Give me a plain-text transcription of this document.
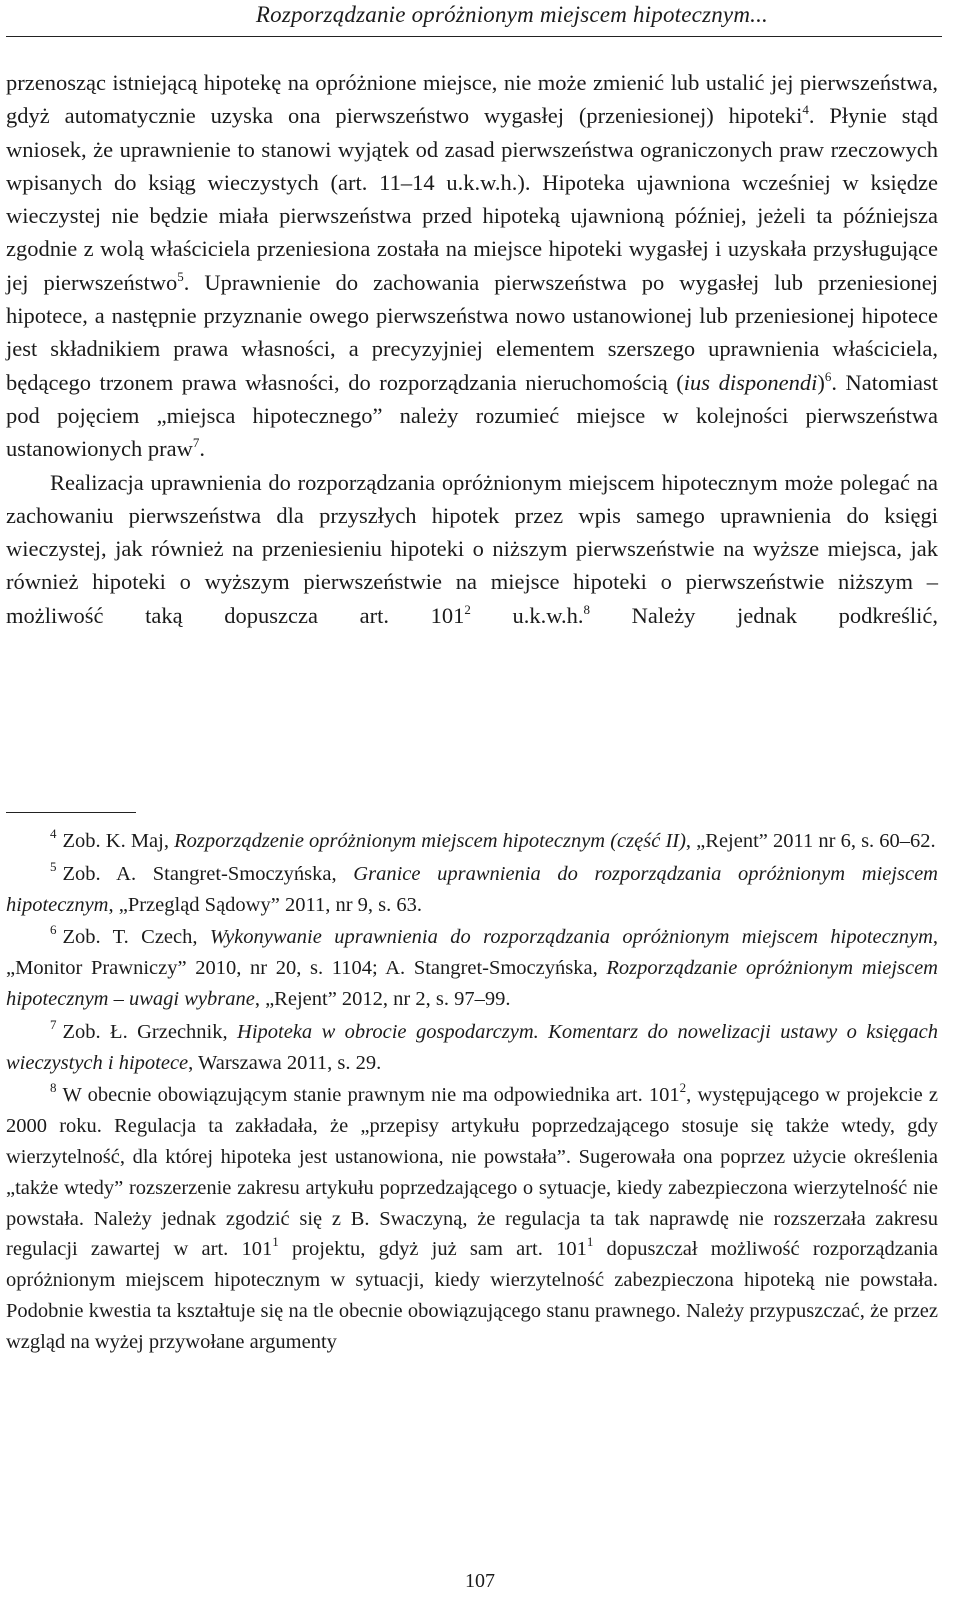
Rozporządzanie opróżnionym miejscem hipotecznym...

przenosząc istniejącą hipotekę na opróżnione miejsce, nie może zmienić lub ustalić jej pierwszeństwa, gdyż automatycznie uzyska ona pierwszeństwo wygasłej (przeniesionej) hipoteki$^4$. Płynie stąd wniosek, że uprawnienie to stanowi wyjątek od zasad pierwszeństwa ograniczonych praw rzeczowych wpisanych do ksiąg wieczystych (art. 11–14 u.k.w.h.). Hipoteka ujawniona wcześniej w księdze wieczystej nie będzie miała pierwszeństwa przed hipoteką ujawnioną później, jeżeli ta późniejsza zgodnie z wolą właściciela przeniesiona została na miejsce hipoteki wygasłej i uzyskała przysługujące jej pierwszeństwo$^5$. Uprawnienie do zachowania pierwszeństwa po wygasłej lub przeniesionej hipotece, a następnie przyznanie owego pierwszeństwa nowo ustanowionej lub przeniesionej hipotece jest składnikiem prawa własności, a precyzyjniej elementem szerszego uprawnienia właściciela, będącego trzonem prawa własności, do rozporządzania nieruchomością (ius disponendi)$^6$. Natomiast pod pojęciem „miejsca hipotecznego” należy rozumieć miejsce w kolejności pierwszeństwa ustanowionych praw$^7$.

Realizacja uprawnienia do rozporządzania opróżnionym miejscem hipotecznym może polegać na zachowaniu pierwszeństwa dla przyszłych hipotek przez wpis samego uprawnienia do księgi wieczystej, jak również na przeniesieniu hipoteki o niższym pierwszeństwie na wyższe miejsca, jak również hipoteki o wyższym pierwszeństwie na miejsce hipoteki o pierwszeństwie niższym – możliwość taką dopuszcza art. $101^2$ u.k.w.h.$^8$ Należy jednak podkreślić,

$^4$ Zob. K. Maj, Rozporządzenie opróżnionym miejscem hipotecznym (część II), „Rejent” 2011 nr 6, s. 60–62.

$^5$ Zob. A. Stangret-Smoczyńska, Granice uprawnienia do rozporządzania opróżnionym miejscem hipotecznym, „Przegląd Sądowy” 2011, nr 9, s. 63.

$^6$ Zob. T. Czech, Wykonywanie uprawnienia do rozporządzania opróżnionym miejscem hipotecznym, „Monitor Prawniczy” 2010, nr 20, s. 1104; A. Stangret-Smoczyńska, Rozporządzanie opróżnionym miejscem hipotecznym – uwagi wybrane, „Rejent” 2012, nr 2, s. 97–99.

$^7$ Zob. Ł. Grzechnik, Hipoteka w obrocie gospodarczym. Komentarz do nowelizacji ustawy o księgach wieczystych i hipotece, Warszawa 2011, s. 29.

$^8$ W obecnie obowiązującym stanie prawnym nie ma odpowiednika art. $101^2$, występującego w projekcie z 2000 roku. Regulacja ta zakładała, że „przepisy artykułu poprzedzającego stosuje się także wtedy, gdy wierzytelność, dla której hipoteka jest ustanowiona, nie powstała”. Sugerowała ona poprzez użycie określenia „także wtedy” rozszerzenie zakresu artykułu poprzedzającego o sytuacje, kiedy zabezpieczona wierzytelność nie powstała. Należy jednak zgodzić się z B. Swaczyną, że regulacja ta tak naprawdę nie rozszerzała zakresu regulacji zawartej w art. $101^1$ projektu, gdyż już sam art. $101^1$ dopuszczał możliwość rozporządzania opróżnionym miejscem hipotecznym w sytuacji, kiedy wierzytelność zabezpieczona hipoteką nie powstała. Podobnie kwestia ta kształtuje się na tle obecnie obowiązującego stanu prawnego. Należy przypuszczać, że przez wzgląd na wyżej przywołane argumenty

107
